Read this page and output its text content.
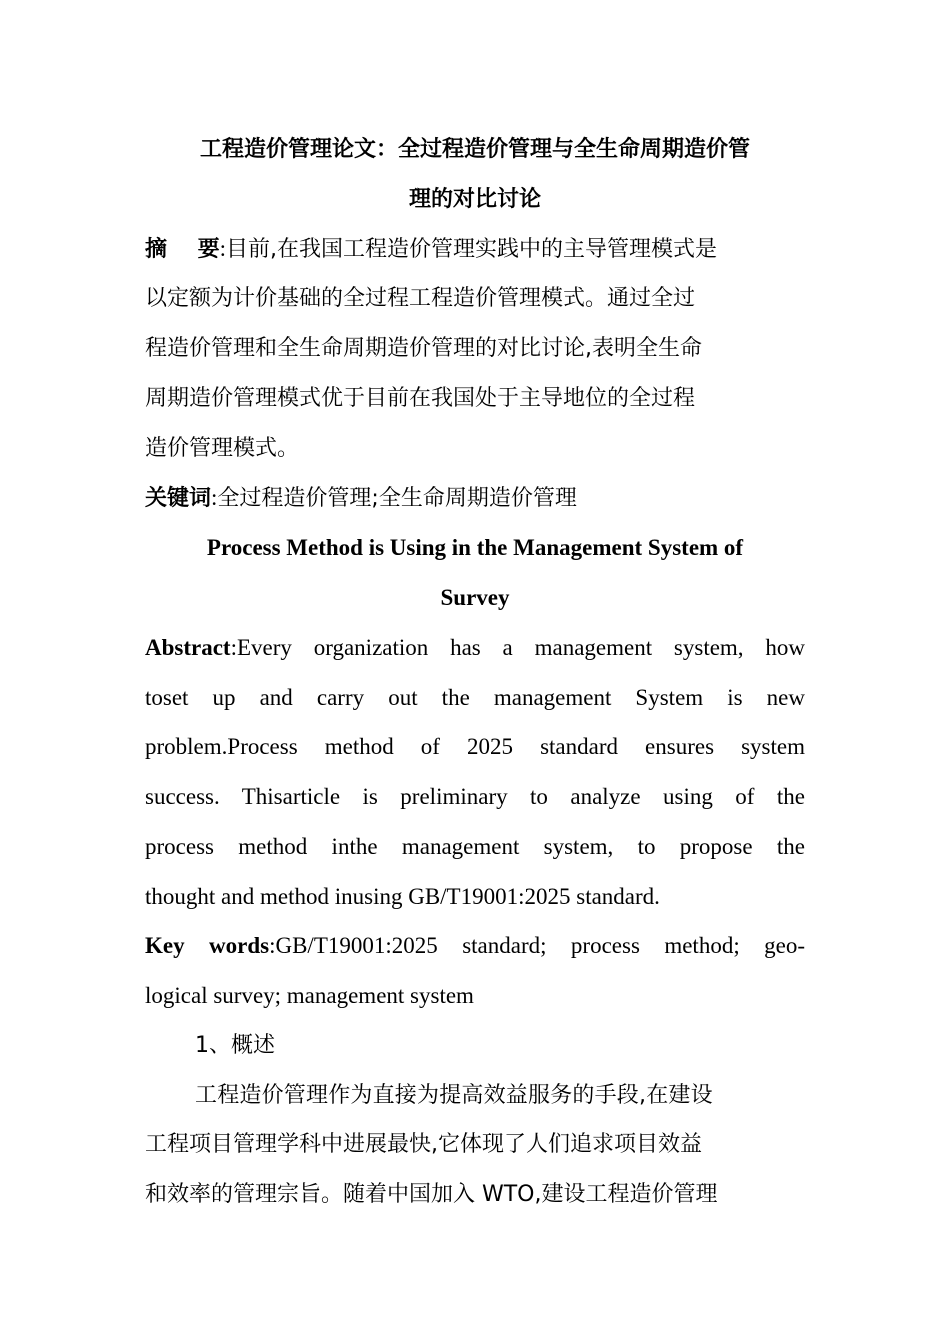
工程造价管理论文：全过程造价管理与全生命周期造价管
理的对比讨论
摘    要:目前,在我国工程造价管理实践中的主导管理模式是
以定额为计价基础的全过程工程造价管理模式。通过全过
程造价管理和全生命周期造价管理的对比讨论,表明全生命
周期造价管理模式优于目前在我国处于主导地位的全过程
造价管理模式。
关键词:全过程造价管理;全生命周期造价管理
Process Method is Using in the Management System of
Survey
Abstract:Every organization has a management system, how
toset up and carry out the management System is new
problem.Process method of 2025 standard ensures system
success. Thisarticle is preliminary to analyze using of the
process method inthe management system, to propose the
thought and method inusing GB/T19001:2025 standard.
Key words:GB/T19001:2025 standard; process method; geo-
logical survey; management system
1、概述
工程造价管理作为直接为提高效益服务的手段,在建设
工程项目管理学科中进展最快,它体现了人们追求项目效益
和效率的管理宗旨。随着中国加入 WTO,建设工程造价管理
